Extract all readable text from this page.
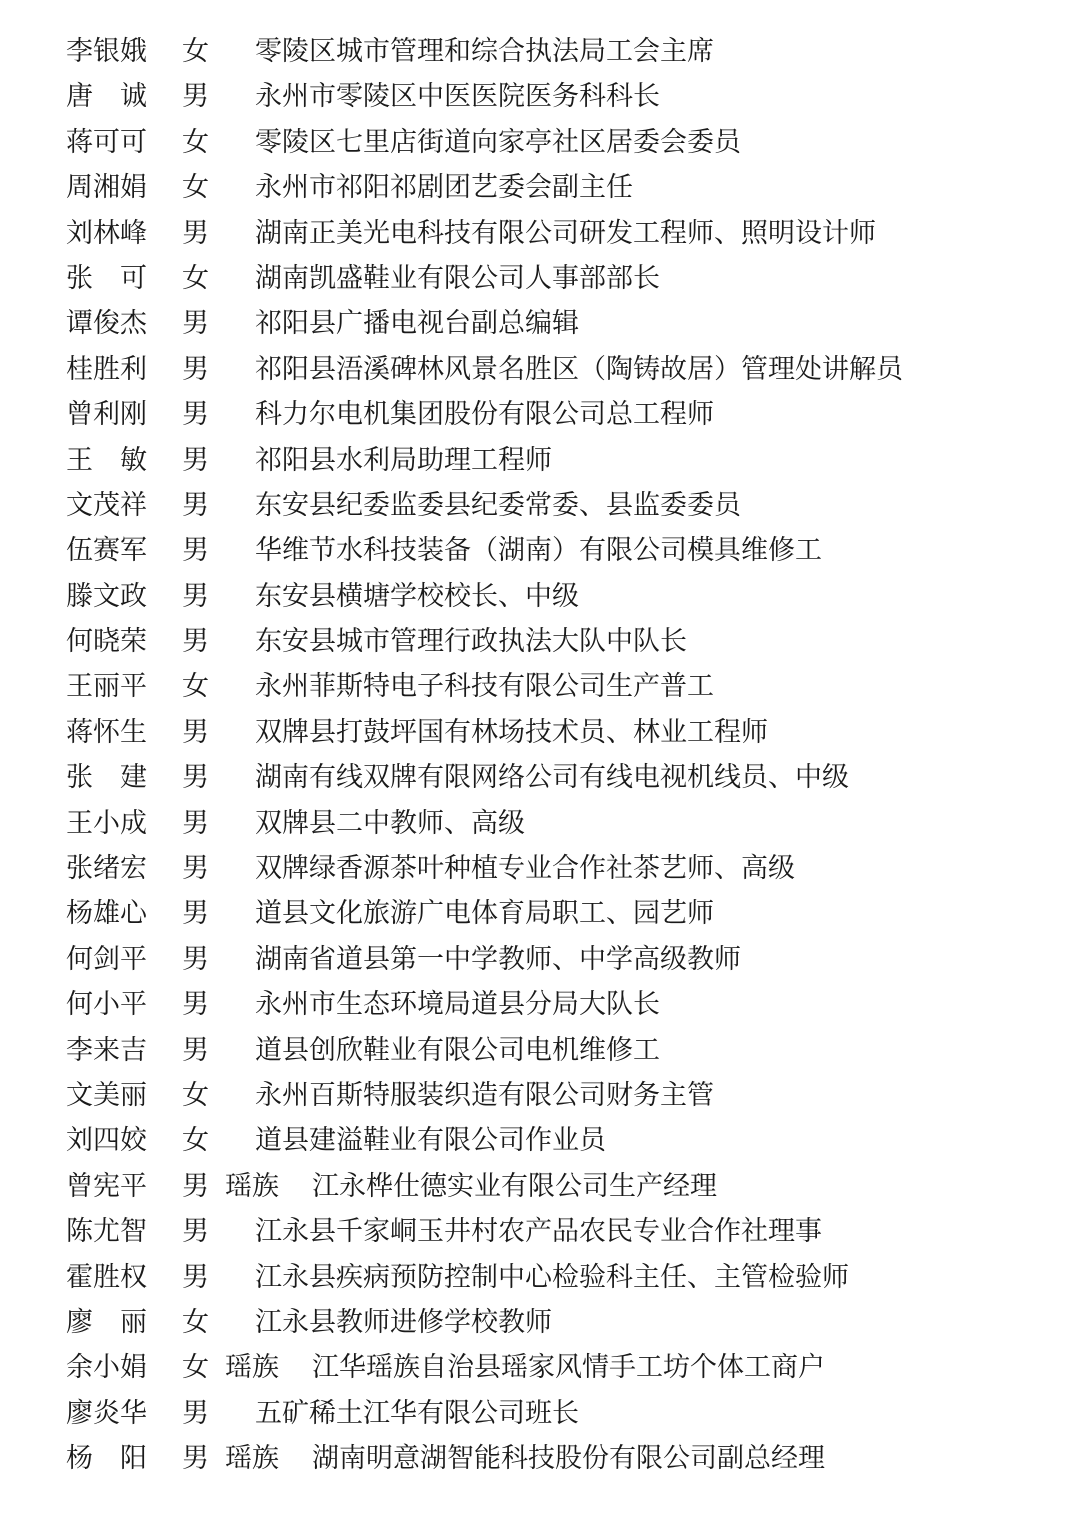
李银娥 女 零陵区城市管理和综合执法局工会主席
唐　诚 男 永州市零陵区中医医院医务科科长
蒋可可 女 零陵区七里店街道向家亭社区居委会委员
周湘娟 女 永州市祁阳祁剧团艺委会副主任
刘林峰 男 湖南正美光电科技有限公司研发工程师、照明设计师
张　可 女 湖南凯盛鞋业有限公司人事部部长
谭俊杰 男 祁阳县广播电视台副总编辑
桂胜利 男 祁阳县浯溪碑林风景名胜区（陶铸故居）管理处讲解员
曾利刚 男 科力尔电机集团股份有限公司总工程师
王　敏 男 祁阳县水利局助理工程师
文茂祥 男 东安县纪委监委县纪委常委、县监委委员
伍赛军 男 华维节水科技装备（湖南）有限公司模具维修工
滕文政 男 东安县横塘学校校长、中级
何晓荣 男 东安县城市管理行政执法大队中队长
王丽平 女 永州菲斯特电子科技有限公司生产普工
蒋怀生 男 双牌县打鼓坪国有林场技术员、林业工程师
张　建 男 湖南有线双牌有限网络公司有线电视机线员、中级
王小成 男 双牌县二中教师、高级
张绪宏 男 双牌绿香源茶叶种植专业合作社茶艺师、高级
杨雄心 男 道县文化旅游广电体育局职工、园艺师
何剑平 男 湖南省道县第一中学教师、中学高级教师
何小平 男 永州市生态环境局道县分局大队长
李来吉 男 道县创欣鞋业有限公司电机维修工
文美丽 女 永州百斯特服装织造有限公司财务主管
刘四姣 女 道县建溢鞋业有限公司作业员
曾宪平 男 瑶族 江永桦仕德实业有限公司生产经理
陈尤智 男 江永县千家峒玉井村农产品农民专业合作社理事
霍胜权 男 江永县疾病预防控制中心检验科主任、主管检验师
廖　丽 女 江永县教师进修学校教师
余小娟 女 瑶族 江华瑶族自治县瑶家风情手工坊个体工商户
廖炎华 男 五矿稀土江华有限公司班长
杨　阳 男 瑶族 湖南明意湖智能科技股份有限公司副总经理
